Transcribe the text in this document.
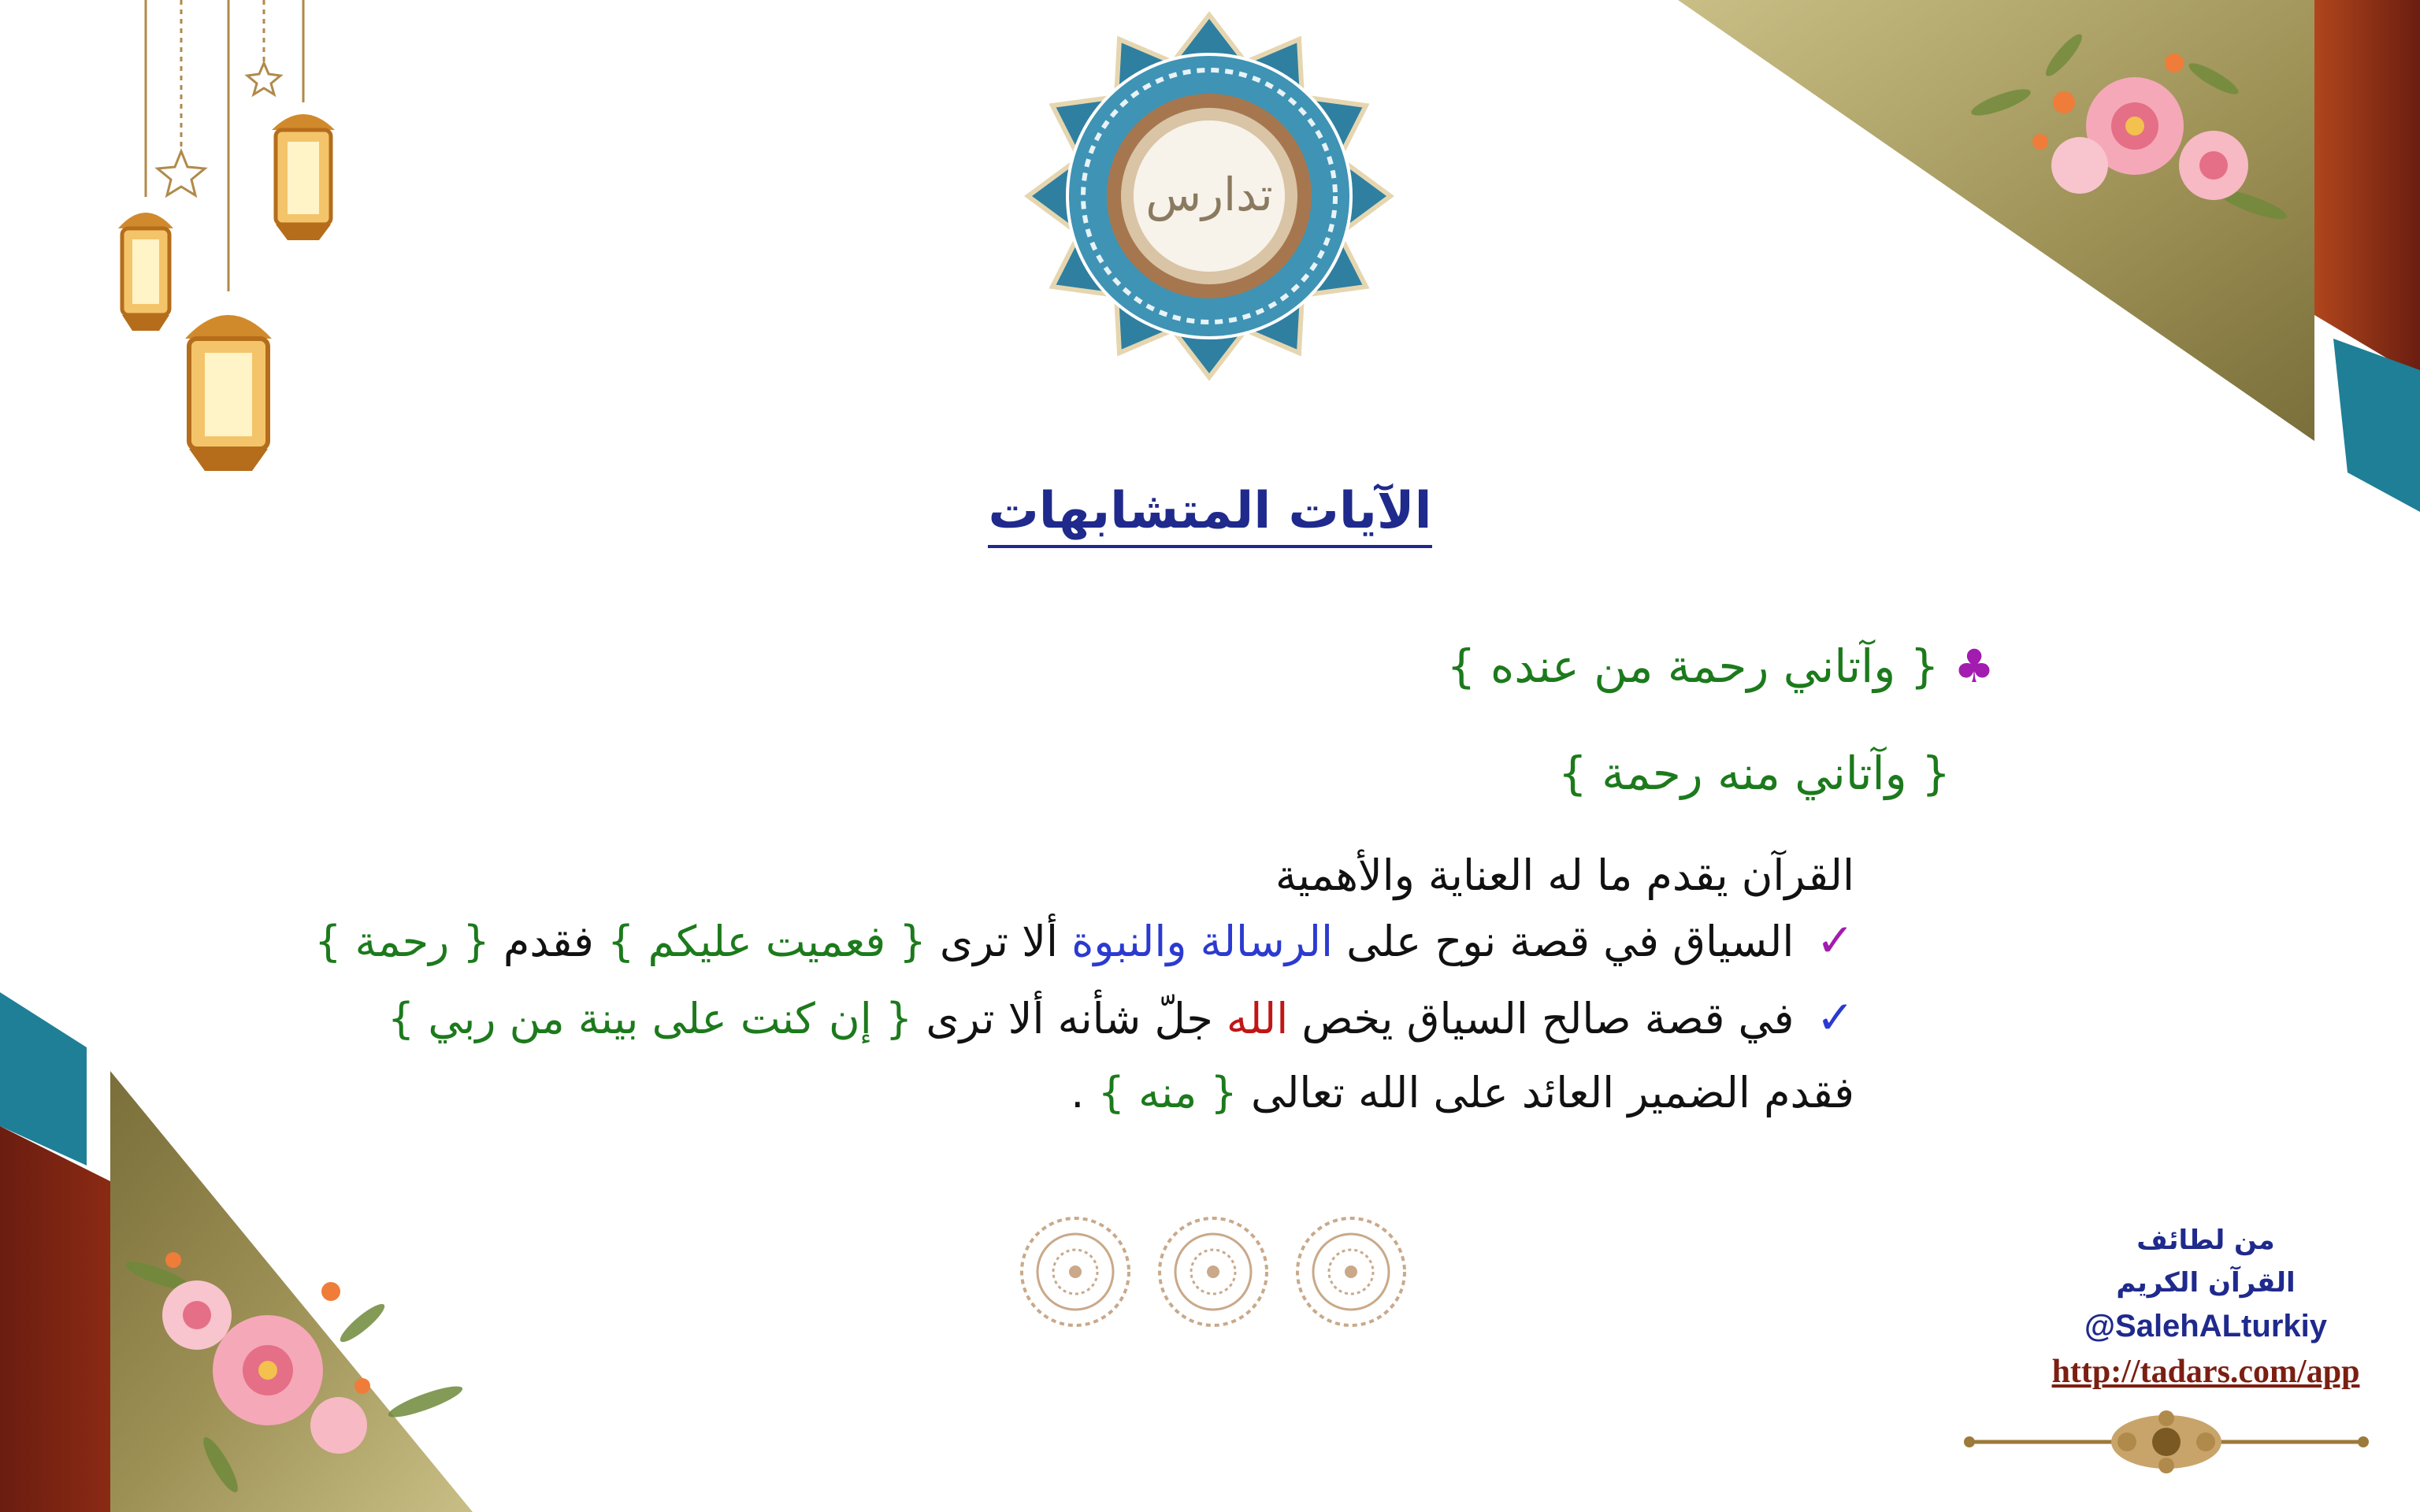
تدارس
الآيات المتشابهات
♣ { وآتاني رحمة من عنده }
{ وآتاني منه رحمة }
القرآن يقدم ما له العناية والأهمية
✓السياق في قصة نوح على الرسالة والنبوة ألا ترى { فعميت عليكم } فقدم { رحمة }
✓في قصة صالح السياق يخص الله جلّ شأنه ألا ترى { إن كنت على بينة من ربي }
فقدم الضمير العائد على الله تعالى { منه } .
من لطائف
القرآن الكريم
@SalehALturkiy
http://tadars.com/app
